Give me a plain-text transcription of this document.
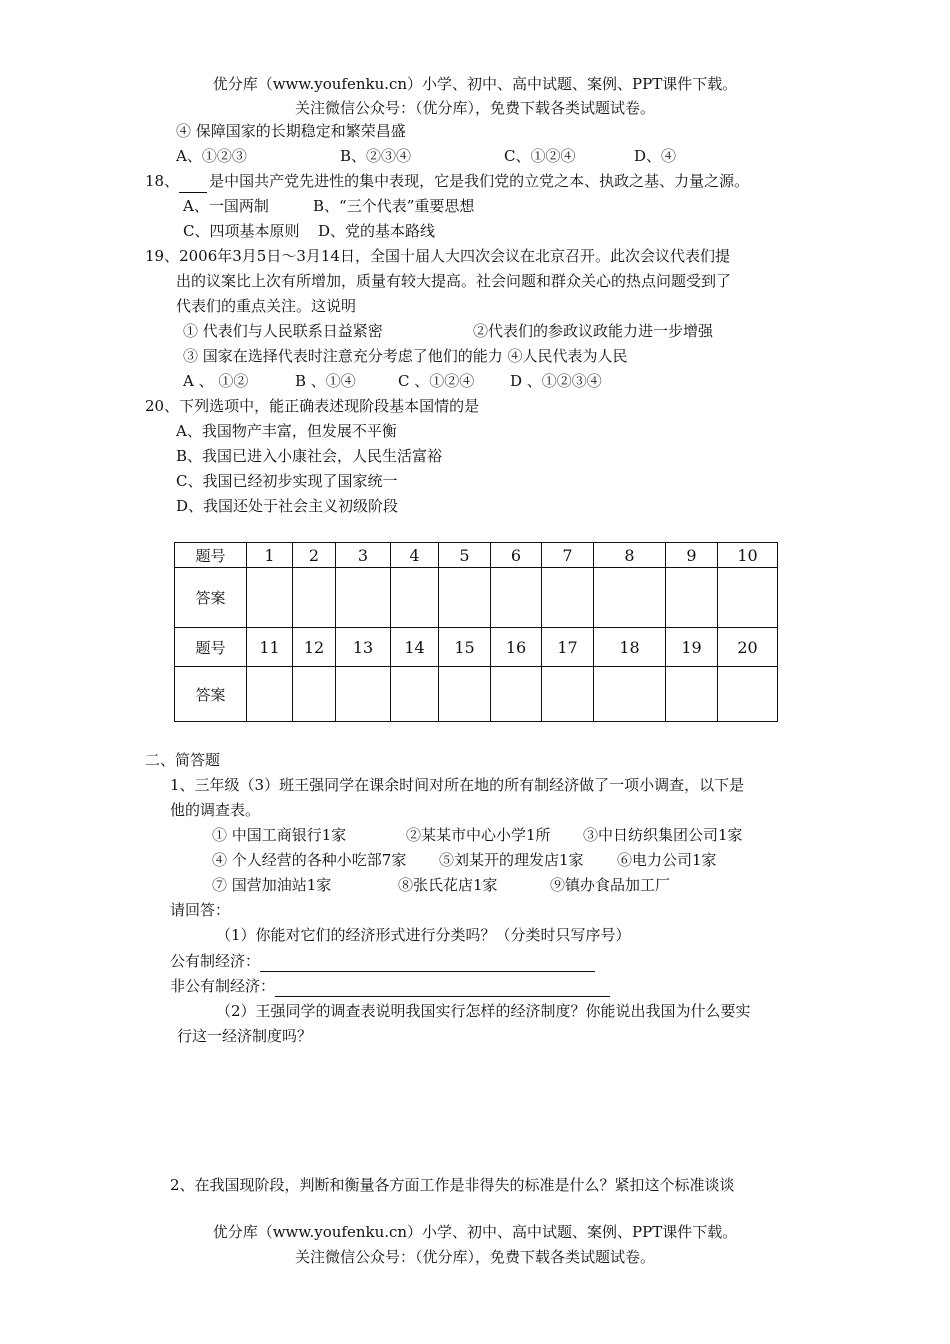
优分库（www.youfenku.cn）小学、初中、高中试题、案例、PPT课件下载。
关注微信公众号：（优分库），免费下载各类试题试卷。
④ 保障国家的长期稳定和繁荣昌盛
A、①②③	B、②③④	C、①②④	D、④
18、 是中国共产党先进性的集中表现，它是我们党的立党之本、执政之基、力量之源。
A、一国两制	B、“三个代表”重要思想
C、四项基本原则 D、党的基本路线
19、2006年3月5日～3月14日，全国十届人大四次会议在北京召开。此次会议代表们提
出的议案比上次有所增加，质量有较大提高。社会问题和群众关心的热点问题受到了
代表们的重点关注。这说明
① 代表们与人民联系日益紧密	②代表们的参政议政能力进一步增强
③ 国家在选择代表时注意充分考虑了他们的能力 ④人民代表为人民
A 、 ①②	B 、①④	C 、①②④ D 、①②③④
20、下列选项中，能正确表述现阶段基本国情的是
A、我国物产丰富，但发展不平衡
B、我国已进入小康社会，人民生活富裕
C、我国已经初步实现了国家统一
D、我国还处于社会主义初级阶段
题号	1	2	3	4	5	6	7	8	9	10
答案										
题号	11	12	13	14	15	16	17	18	19	20
答案										
二、简答题
1、三年级（3）班王强同学在课余时间对所在地的所有制经济做了一项小调查，以下是
他的调查表。
① 中国工商银行1家	②某某市中心小学1所 ③中日纺织集团公司1家
④ 个人经营的各种小吃部7家 ⑤刘某开的理发店1家 ⑥电力公司1家
⑦ 国营加油站1家	⑧张氏花店1家	⑨镇办食品加工厂
请回答：
（1）你能对它们的经济形式进行分类吗？（分类时只写序号）
公有制经济：
非公有制经济：
（2）王强同学的调查表说明我国实行怎样的经济制度？你能说出我国为什么要实
行这一经济制度吗？
2、在我国现阶段，判断和衡量各方面工作是非得失的标准是什么？紧扣这个标准谈谈
优分库（www.youfenku.cn）小学、初中、高中试题、案例、PPT课件下载。
关注微信公众号：（优分库），免费下载各类试题试卷。
